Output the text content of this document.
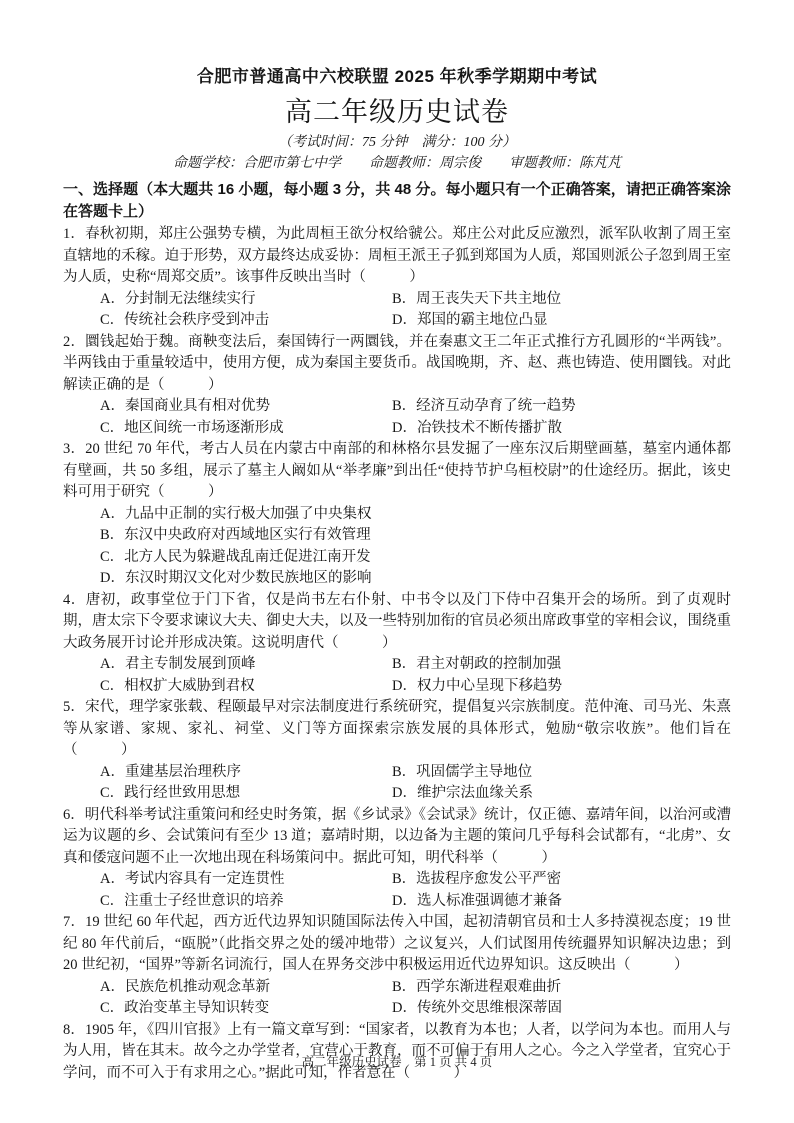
合肥市普通高中六校联盟 2025 年秋季学期期中考试
高二年级历史试卷
（考试时间：75 分钟　满分：100 分）
命题学校：合肥市第七中学　　命题教师：周宗俊　　审题教师：陈芃芃

一、选择题（本大题共 16 小题，每小题 3 分，共 48 分。每小题只有一个正确答案，请把正确答案涂在答题卡上）

1．春秋初期，郑庄公强势专横，为此周桓王欲分权给虢公。郑庄公对此反应激烈，派军队收割了周王室直辖地的禾稼。迫于形势，双方最终达成妥协：周桓王派王子狐到郑国为人质，郑国则派公子忽到周王室为人质，史称“周郑交质”。该事件反映出当时（　　　）

A．分封制无法继续实行	B．周王丧失天下共主地位
C．传统社会秩序受到冲击	D．郑国的霸主地位凸显

2．圜钱起始于魏。商鞅变法后，秦国铸行一两圜钱，并在秦惠文王二年正式推行方孔圆形的“半两钱”。半两钱由于重量较适中，使用方便，成为秦国主要货币。战国晚期，齐、赵、燕也铸造、使用圜钱。对此解读正确的是（　　　）

A．秦国商业具有相对优势	B．经济互动孕育了统一趋势
C．地区间统一市场逐渐形成	D．冶铁技术不断传播扩散

3．20 世纪 70 年代，考古人员在内蒙古中南部的和林格尔县发掘了一座东汉后期壁画墓，墓室内通体都有壁画，共 50 多组，展示了墓主人阚如从“举孝廉”到出任“使持节护乌桓校尉”的仕途经历。据此，该史料可用于研究（　　　）

A．九品中正制的实行极大加强了中央集权
B．东汉中央政府对西域地区实行有效管理
C．北方人民为躲避战乱南迁促进江南开发
D．东汉时期汉文化对少数民族地区的影响

4．唐初，政事堂位于门下省，仅是尚书左右仆射、中书令以及门下侍中召集开会的场所。到了贞观时期，唐太宗下令要求谏议大夫、御史大夫，以及一些特别加衔的官员必须出席政事堂的宰相会议，围绕重大政务展开讨论并形成决策。这说明唐代（　　　）

A．君主专制发展到顶峰	B．君主对朝政的控制加强
C．相权扩大威胁到君权	D．权力中心呈现下移趋势

5．宋代，理学家张载、程颐最早对宗法制度进行系统研究，提倡复兴宗族制度。范仲淹、司马光、朱熹等从家谱、家规、家礼、祠堂、义门等方面探索宗族发展的具体形式，勉励“敬宗收族”。他们旨在（　　　）

A．重建基层治理秩序	B．巩固儒学主导地位
C．践行经世致用思想	D．维护宗法血缘关系

6．明代科举考试注重策问和经史时务策，据《乡试录》《会试录》统计，仅正德、嘉靖年间，以治河或漕运为议题的乡、会试策问有至少 13 道；嘉靖时期，以边备为主题的策问几乎每科会试都有，“北虏”、女真和倭寇问题不止一次地出现在科场策问中。据此可知，明代科举（　　　）

A．考试内容具有一定连贯性	B．选拔程序愈发公平严密
C．注重士子经世意识的培养	D．选人标准强调德才兼备

7．19 世纪 60 年代起，西方近代边界知识随国际法传入中国，起初清朝官员和士人多持漠视态度；19 世纪 80 年代前后，“瓯脱”（此指交界之处的缓冲地带）之议复兴，人们试图用传统疆界知识解决边患；到 20 世纪初，“国界”等新名词流行，国人在界务交涉中积极运用近代边界知识。这反映出（　　　）

A．民族危机推动观念革新	B．西学东渐进程艰难曲折
C．政治变革主导知识转变	D．传统外交思维根深蒂固

8．1905 年，《四川官报》上有一篇文章写到：“国家者，以教育为本也；人者，以学问为本也。而用人与为人用，皆在其末。故今之办学堂者，宜营心于教育，而不可偏于有用人之心。今之入学堂者，宜究心于学问，而不可入于有求用之心。”据此可知，作者意在（　　　）

高二年级历史试卷　第 1 页 共 4 页
